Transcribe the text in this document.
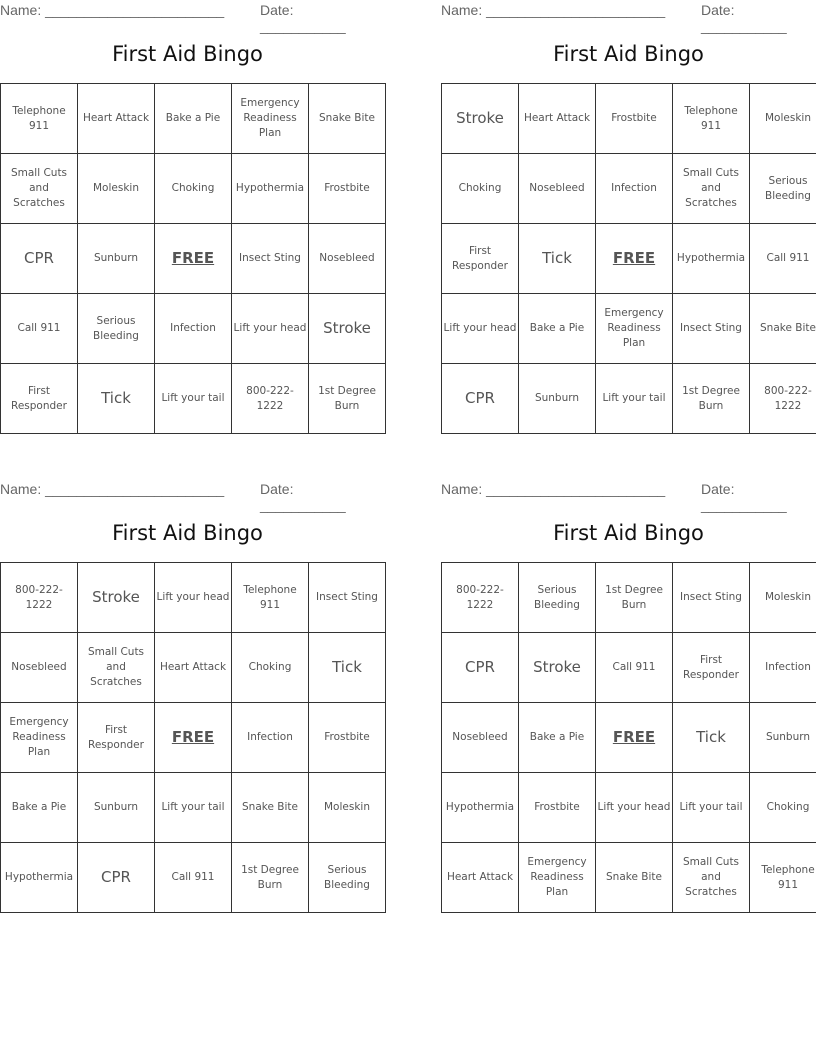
Name: _______________________	Date: ___________
First Aid Bingo
Telephone 911	Heart Attack	Bake a Pie	Emergency Readiness Plan	Snake Bite
Small Cuts and Scratches	Moleskin	Choking	Hypothermia	Frostbite
CPR	Sunburn	FREE	Insect Sting	Nosebleed
Call 911	Serious Bleeding	Infection	Lift your head	Stroke
First Responder	Tick	Lift your tail	800-222-1222	1st Degree Burn
Name: _______________________	Date: ___________
First Aid Bingo
Stroke	Heart Attack	Frostbite	Telephone 911	Moleskin
Choking	Nosebleed	Infection	Small Cuts and Scratches	Serious Bleeding
First Responder	Tick	FREE	Hypothermia	Call 911
Lift your head	Bake a Pie	Emergency Readiness Plan	Insect Sting	Snake Bite
CPR	Sunburn	Lift your tail	1st Degree Burn	800-222-1222
Name: _______________________	Date: ___________
First Aid Bingo
800-222-1222	Stroke	Lift your head	Telephone 911	Insect Sting
Nosebleed	Small Cuts and Scratches	Heart Attack	Choking	Tick
Emergency Readiness Plan	First Responder	FREE	Infection	Frostbite
Bake a Pie	Sunburn	Lift your tail	Snake Bite	Moleskin
Hypothermia	CPR	Call 911	1st Degree Burn	Serious Bleeding
Name: _______________________	Date: ___________
First Aid Bingo
800-222-1222	Serious Bleeding	1st Degree Burn	Insect Sting	Moleskin
CPR	Stroke	Call 911	First Responder	Infection
Nosebleed	Bake a Pie	FREE	Tick	Sunburn
Hypothermia	Frostbite	Lift your head	Lift your tail	Choking
Heart Attack	Emergency Readiness Plan	Snake Bite	Small Cuts and Scratches	Telephone 911
